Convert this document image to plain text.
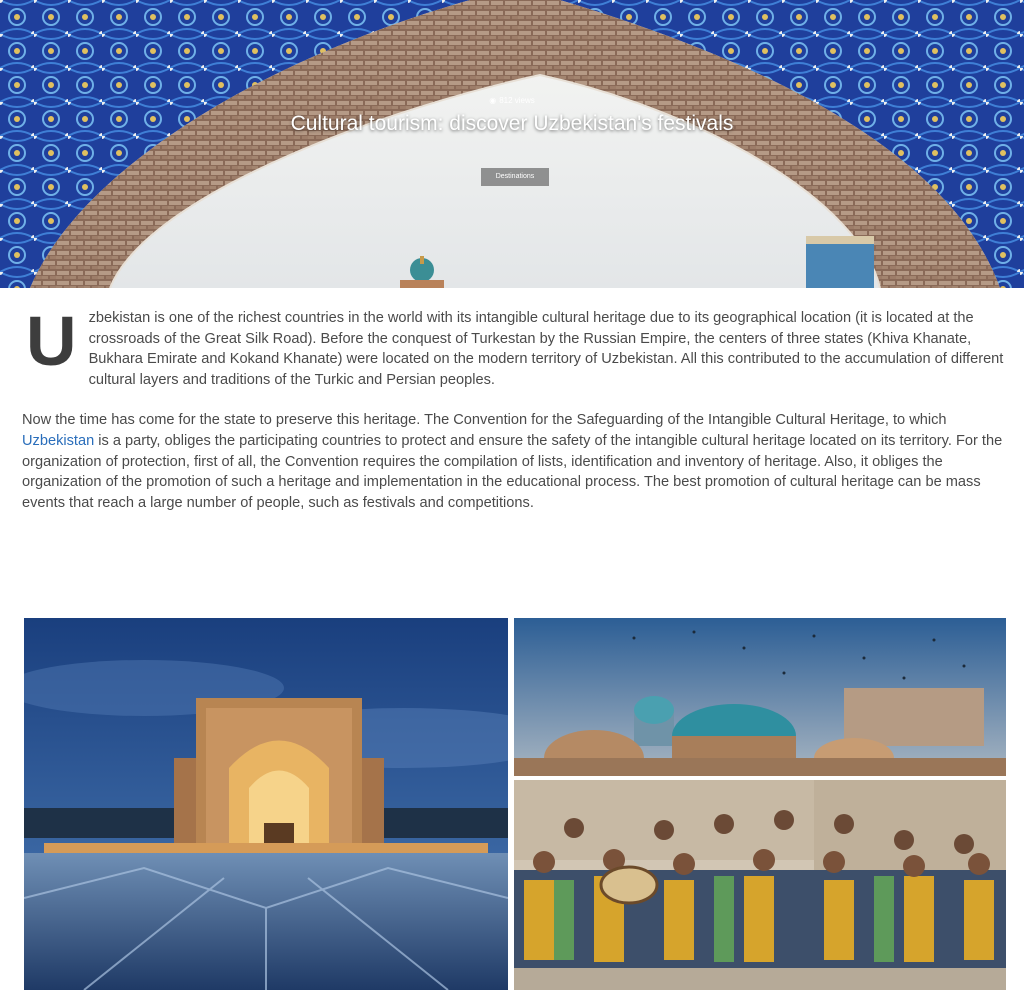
◉ 812 views
Cultural tourism: discover Uzbekistan's festivals
Destinations

Uzbekistan is one of the richest countries in the world with its intangible cultural heritage due to its geographical location (it is located at the crossroads of the Great Silk Road). Before the conquest of Turkestan by the Russian Empire, the centers of three states (Khiva Khanate, Bukhara Emirate and Kokand Khanate) were located on the modern territory of Uzbekistan. All this contributed to the accumulation of different cultural layers and traditions of the Turkic and Persian peoples.

Now the time has come for the state to preserve this heritage. The Convention for the Safeguarding of the Intangible Cultural Heritage, to which Uzbekistan is a party, obliges the participating countries to protect and ensure the safety of the intangible cultural heritage located on its territory. For the organization of protection, first of all, the Convention requires the compilation of lists, identification and inventory of heritage. Also, it obliges the organization of the promotion of such a heritage and implementation in the educational process. The best promotion of cultural heritage can be mass events that reach a large number of people, such as festivals and competitions.
